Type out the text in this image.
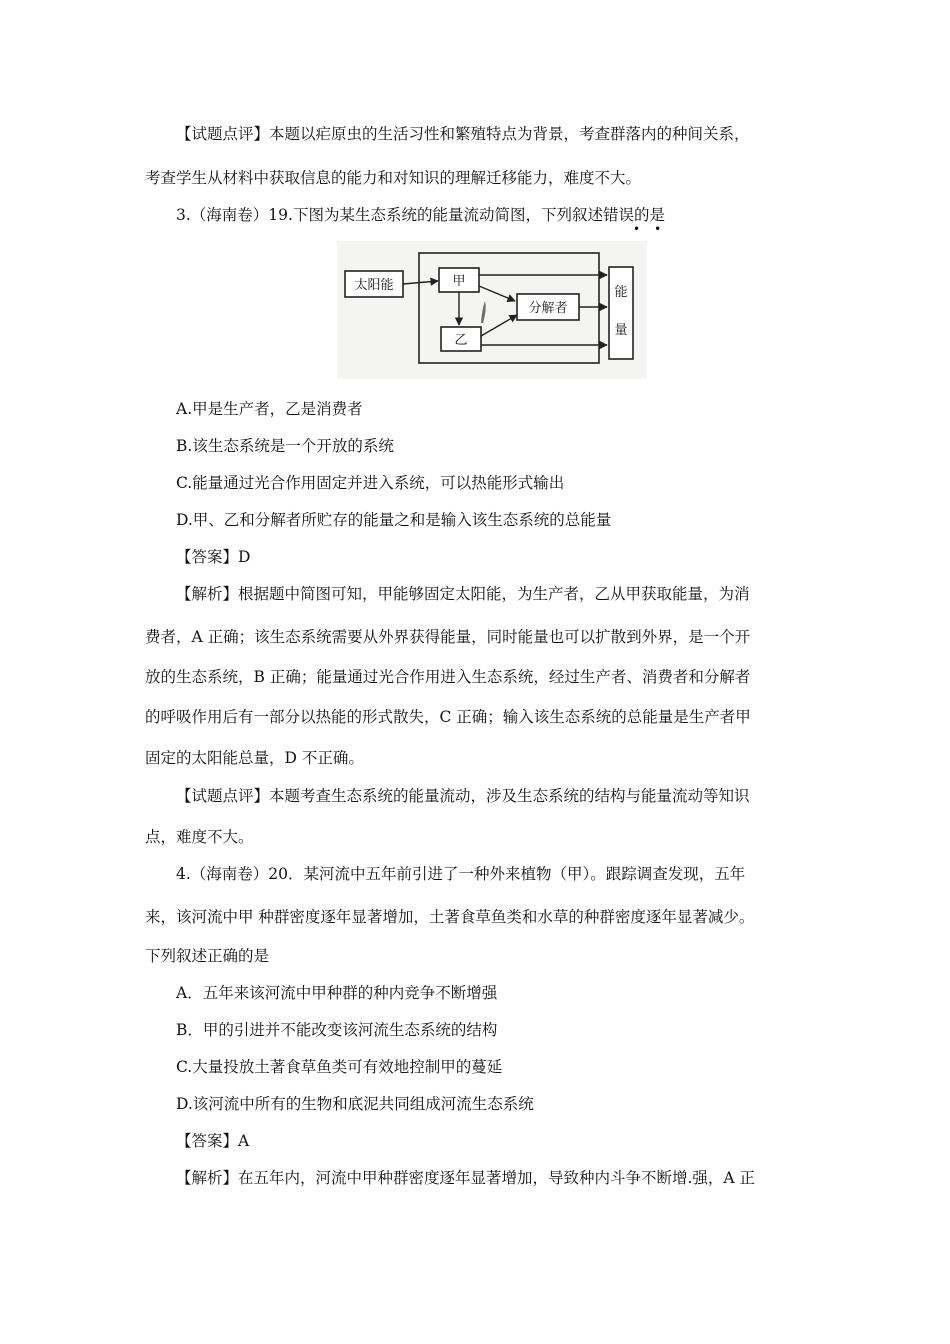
【试题点评】本题以疟原虫的生活习性和繁殖特点为背景，考查群落内的种间关系，
考查学生从材料中获取信息的能力和对知识的理解迁移能力，难度不大。
3.（海南卷）19.下图为某生态系统的能量流动简图，下列叙述错误的是
••
太阳能	甲
乙
分解者
能
量
A.甲是生产者，乙是消费者
B.该生态系统是一个开放的系统
C.能量通过光合作用固定并进入系统，可以热能形式输出
D.甲、乙和分解者所贮存的能量之和是输入该生态系统的总能量
【答案】D
【解析】根据题中简图可知，甲能够固定太阳能，为生产者，乙从甲获取能量，为消
费者，A 正确；该生态系统需要从外界获得能量，同时能量也可以扩散到外界，是一个开
放的生态系统，B 正确；能量通过光合作用进入生态系统，经过生产者、消费者和分解者
的呼吸作用后有一部分以热能的形式散失，C 正确；输入该生态系统的总能量是生产者甲
固定的太阳能总量，D 不正确。
【试题点评】本题考查生态系统的能量流动，涉及生态系统的结构与能量流动等知识
点，难度不大。
4.（海南卷）20．某河流中五年前引进了一种外来植物（甲）。跟踪调查发现，五年
来，该河流中甲 种群密度逐年显著增加，土著食草鱼类和水草的种群密度逐年显著减少。
下列叙述正确的是
A．五年来该河流中甲种群的种内竞争不断增强
B．甲的引进并不能改变该河流生态系统的结构
C.大量投放土著食草鱼类可有效地控制甲的蔓延
D.该河流中所有的生物和底泥共同组成河流生态系统
【答案】A
【解析】在五年内，河流中甲种群密度逐年显著增加，导致种内斗争不断增.强，A 正
